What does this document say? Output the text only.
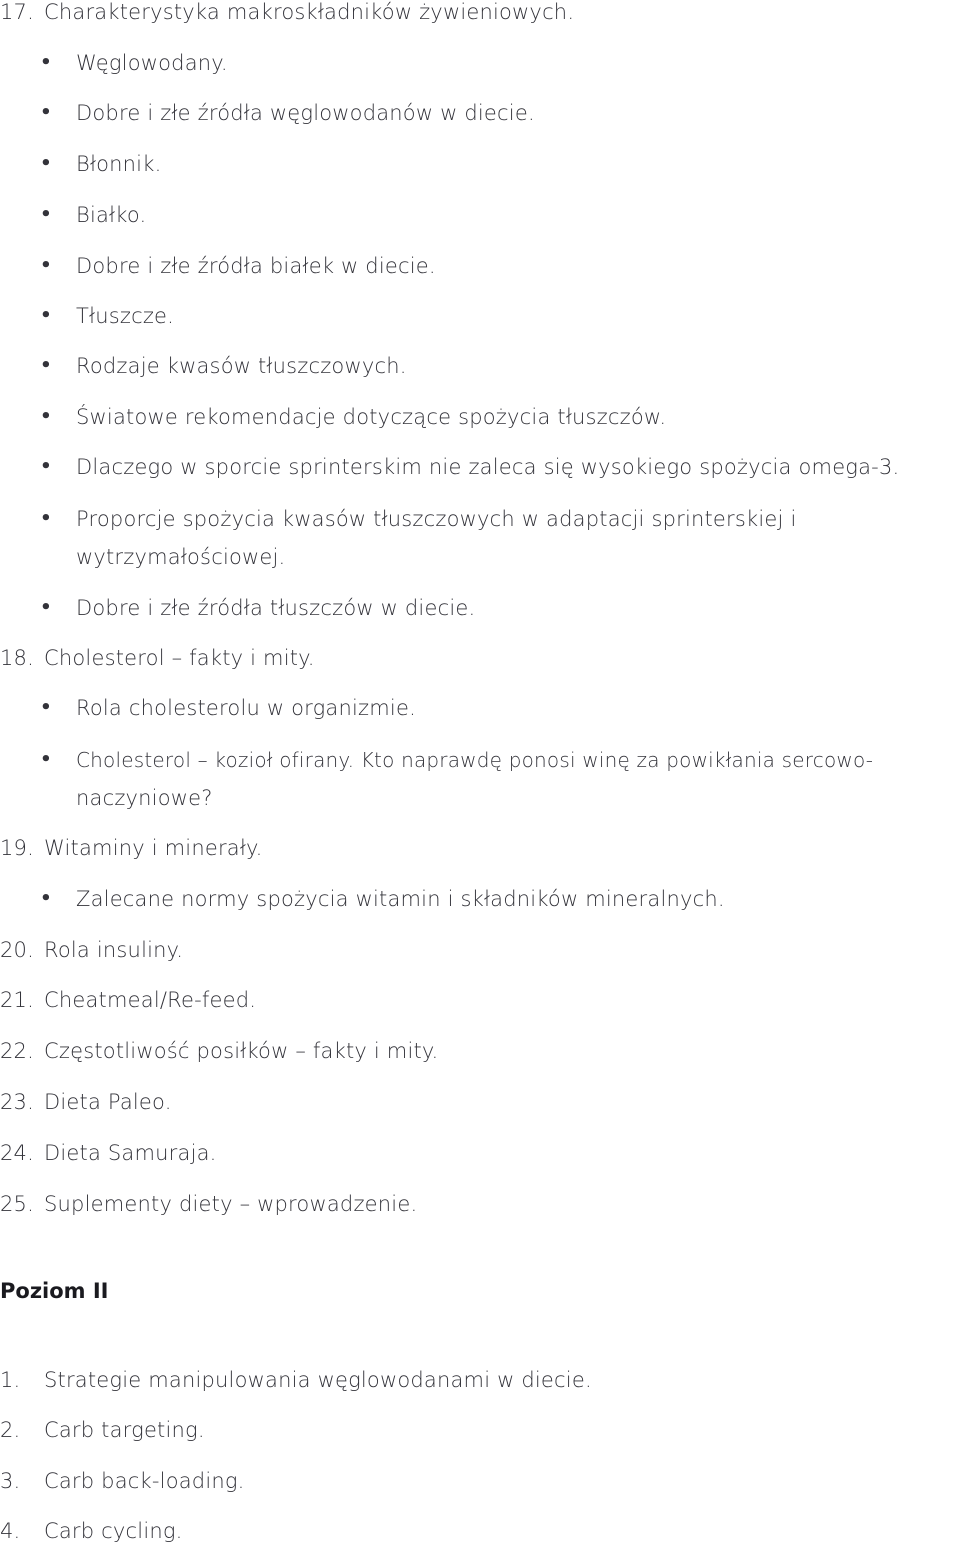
17. Charakterystyka makroskładników żywieniowych.
• Węglowodany.
• Dobre i złe źródła węglowodanów w diecie.
• Błonnik.
• Białko.
• Dobre i złe źródła białek w diecie.
• Tłuszcze.
• Rodzaje kwasów tłuszczowych.
• Światowe rekomendacje dotyczące spożycia tłuszczów.
• Dlaczego w sporcie sprinterskim nie zaleca się wysokiego spożycia omega-3.
• Proporcje spożycia kwasów tłuszczowych w adaptacji sprinterskiej i
wytrzymałościowej.
• Dobre i złe źródła tłuszczów w diecie.
18. Cholesterol – fakty i mity.
• Rola cholesterolu w organizmie.
• Cholesterol – kozioł ofirany. Kto naprawdę ponosi winę za powikłania sercowo-
naczyniowe?
19. Witaminy i minerały.
• Zalecane normy spożycia witamin i składników mineralnych.
20. Rola insuliny.
21. Cheatmeal/Re-feed.
22. Częstotliwość posiłków – fakty i mity.
23. Dieta Paleo.
24. Dieta Samuraja.
25. Suplementy diety – wprowadzenie.
Poziom II
1.	Strategie manipulowania węglowodanami w diecie.
2.	Carb targeting.
3.	Carb back-loading.
4.	Carb cycling.
